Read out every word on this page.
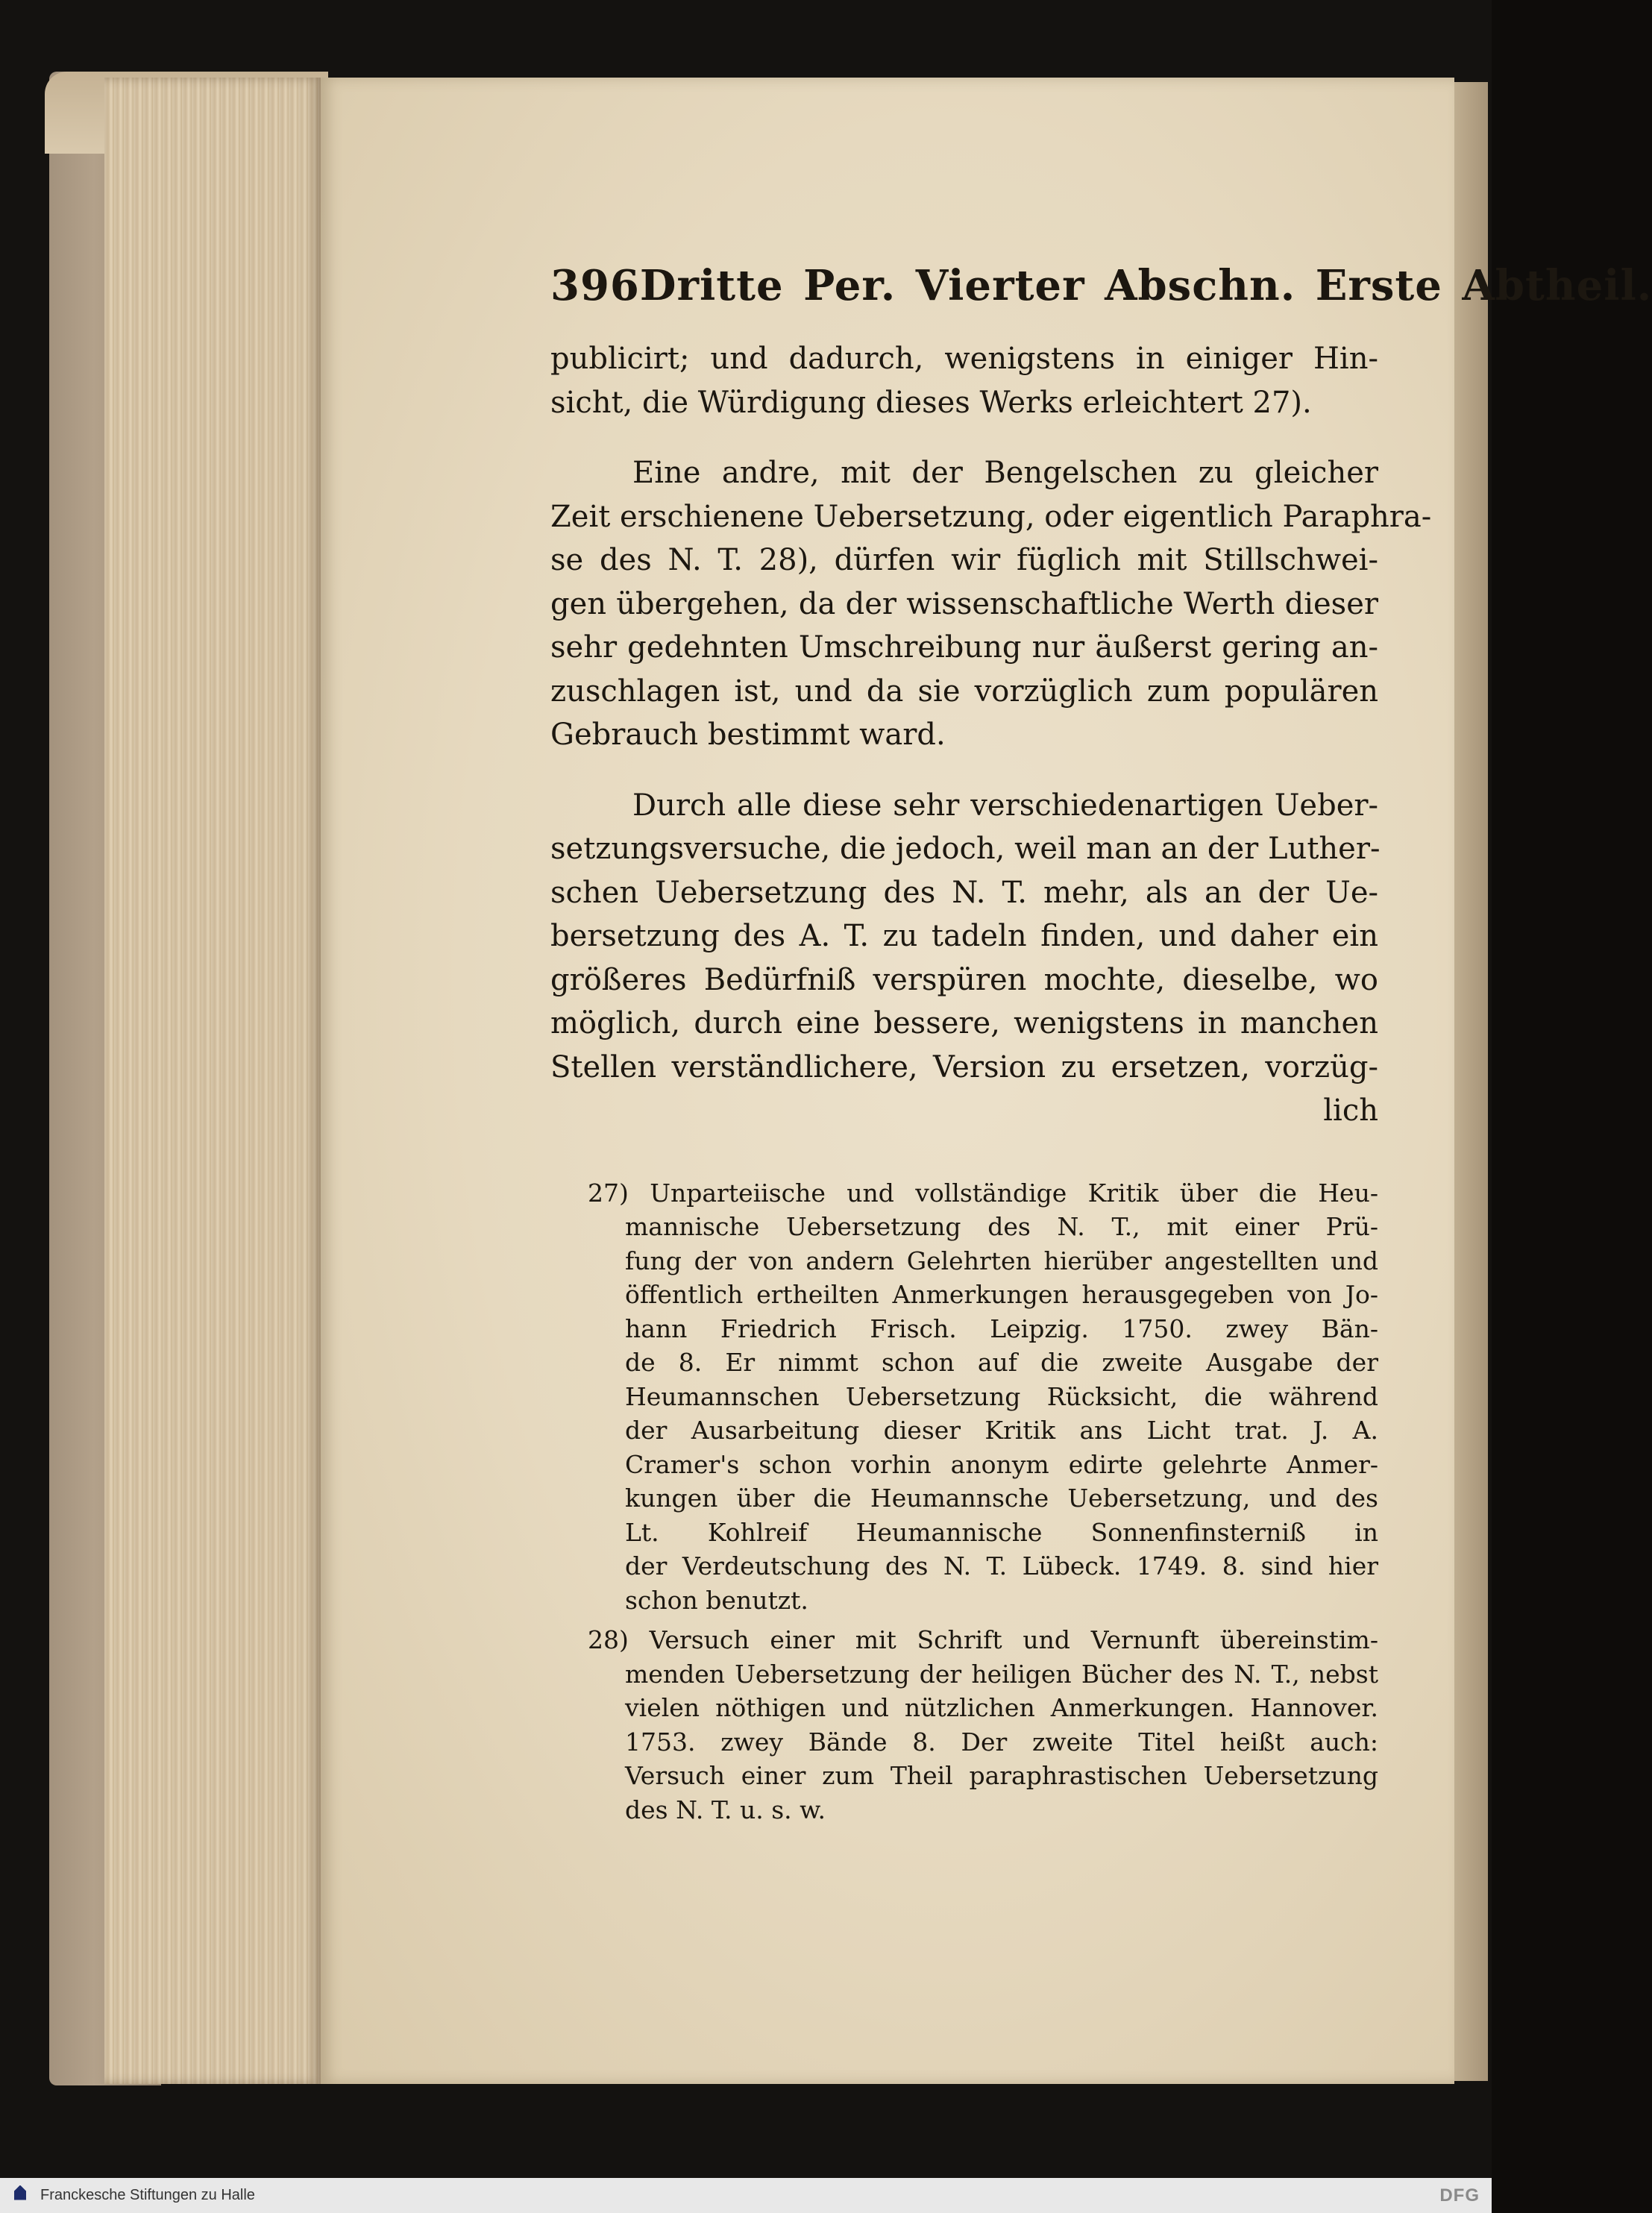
396 Dritte Per. Vierter Abschn. Erste Abtheil.

publicirt; und dadurch, wenigstens in einiger Hin-
sicht, die Würdigung dieses Werks erleichtert 27).

Eine andre, mit der Bengelschen zu gleicher
Zeit erschienene Uebersetzung, oder eigentlich Paraphra-
se des N. T. 28), dürfen wir füglich mit Stillschwei-
gen übergehen, da der wissenschaftliche Werth dieser
sehr gedehnten Umschreibung nur äußerst gering an-
zuschlagen ist, und da sie vorzüglich zum populären
Gebrauch bestimmt ward.

Durch alle diese sehr verschiedenartigen Ueber-
setzungsversuche, die jedoch, weil man an der Luther-
schen Uebersetzung des N. T. mehr, als an der Ue-
bersetzung des A. T. zu tadeln finden, und daher ein
größeres Bedürfniß verspüren mochte, dieselbe, wo
möglich, durch eine bessere, wenigstens in manchen
Stellen verständlichere, Version zu ersetzen, vorzüg-
lich

27) Unparteiische und vollständige Kritik über die Heu-
mannische Uebersetzung des N. T., mit einer Prü-
fung der von andern Gelehrten hierüber angestellten und
öffentlich ertheilten Anmerkungen herausgegeben von Jo-
hann Friedrich Frisch. Leipzig. 1750. zwey Bän-
de 8. Er nimmt schon auf die zweite Ausgabe der
Heumannschen Uebersetzung Rücksicht, die während
der Ausarbeitung dieser Kritik ans Licht trat. J. A.
Cramer's schon vorhin anonym edirte gelehrte Anmer-
kungen über die Heumannsche Uebersetzung, und des
Lt. Kohlreif Heumannische Sonnenfinsterniß in
der Verdeutschung des N. T. Lübeck. 1749. 8. sind hier
schon benutzt.
28) Versuch einer mit Schrift und Vernunft übereinstim-
menden Uebersetzung der heiligen Bücher des N. T., nebst
vielen nöthigen und nützlichen Anmerkungen. Hannover.
1753. zwey Bände 8. Der zweite Titel heißt auch:
Versuch einer zum Theil paraphrastischen Uebersetzung
des N. T. u. s. w.
Franckesche Stiftungen zu Halle	DFG
